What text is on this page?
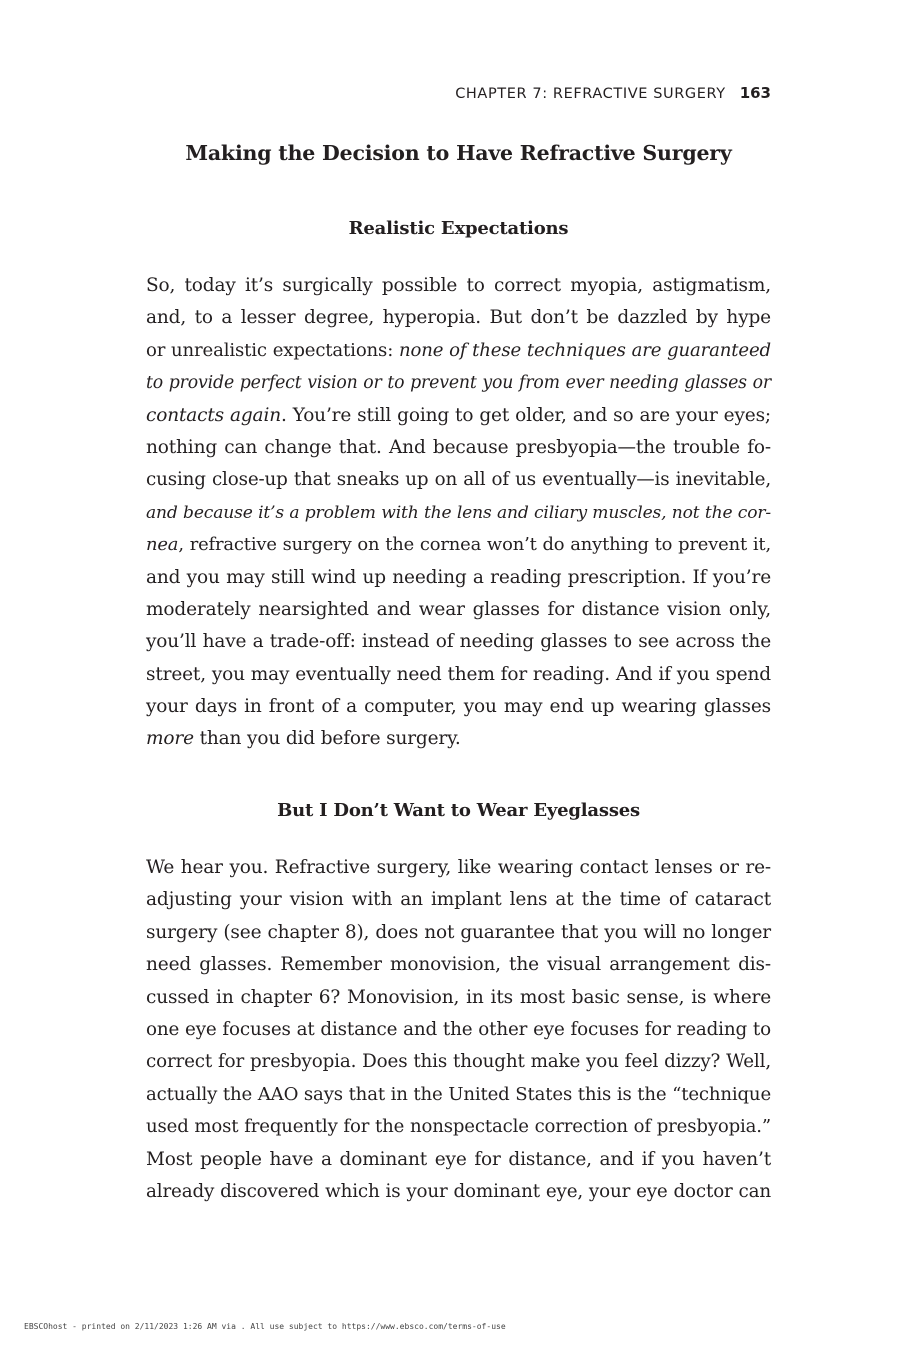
CHAPTER 7: REFRACTIVE SURGERY 163
Making the Decision to Have Refractive Surgery
Realistic Expectations
So, today it’s surgically possible to correct myopia, astigmatism,
and, to a lesser degree, hyperopia. But don’t be dazzled by hype
or unrealistic expectations: none of these techniques are guaranteed
to provide perfect vision or to prevent you from ever needing glasses or
contacts again. You’re still going to get older, and so are your eyes;
nothing can change that. And because presbyopia—the trouble fo-
cusing close-up that sneaks up on all of us eventually—is inevitable,
and because it’s a problem with the lens and ciliary muscles, not the cor-
nea, refractive surgery on the cornea won’t do anything to prevent it,
and you may still wind up needing a reading prescription. If you’re
moderately nearsighted and wear glasses for distance vision only,
you’ll have a trade-off: instead of needing glasses to see across the
street, you may eventually need them for reading. And if you spend
your days in front of a computer, you may end up wearing glasses
more than you did before surgery.
But I Don’t Want to Wear Eyeglasses
We hear you. Refractive surgery, like wearing contact lenses or re-
adjusting your vision with an implant lens at the time of cataract
surgery (see chapter 8), does not guarantee that you will no longer
need glasses. Remember monovision, the visual arrangement dis-
cussed in chapter 6? Monovision, in its most basic sense, is where
one eye focuses at distance and the other eye focuses for reading to
correct for presbyopia. Does this thought make you feel dizzy? Well,
actually the AAO says that in the United States this is the “technique
used most frequently for the nonspectacle correction of presbyopia.”
Most people have a dominant eye for distance, and if you haven’t
already discovered which is your dominant eye, your eye doctor can
EBSCOhost - printed on 2/11/2023 1:26 AM via . All use subject to https://www.ebsco.com/terms-of-use
